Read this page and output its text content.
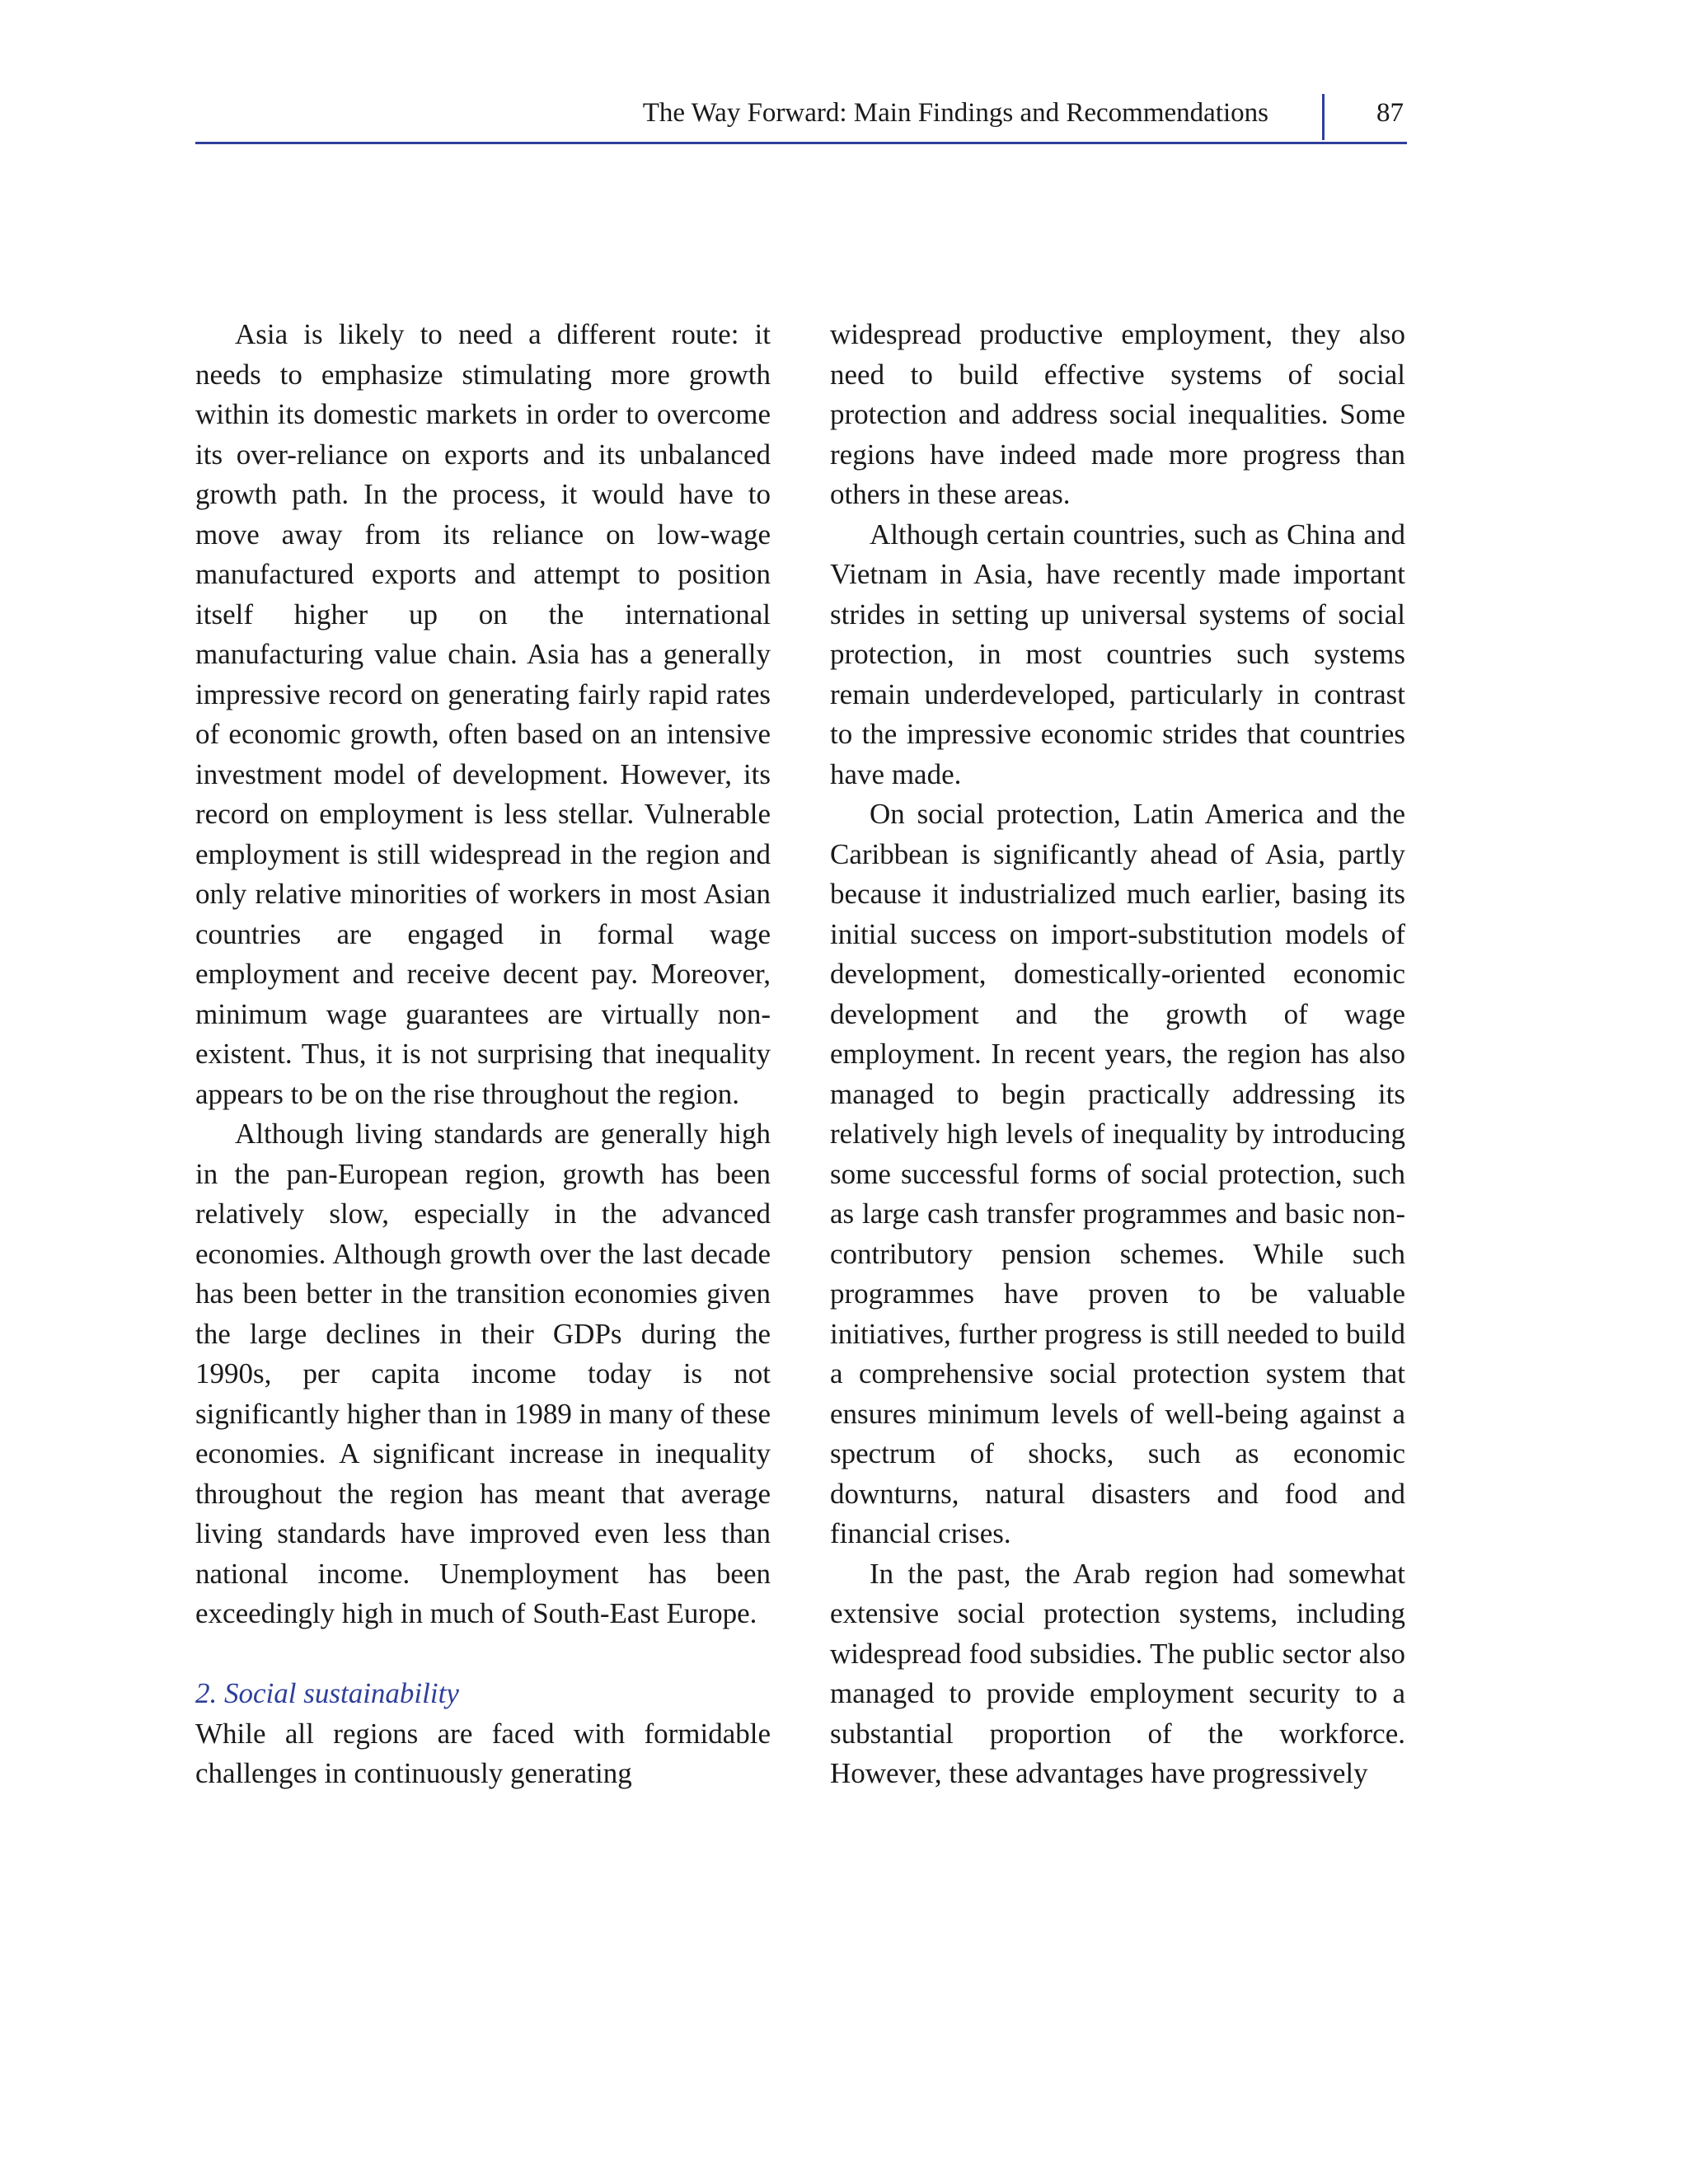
The Way Forward: Main Findings and Recommendations	87

Asia is likely to need a different route: it needs to emphasize stimulating more growth within its domestic markets in order to overcome its over-reliance on exports and its unbalanced growth path. In the process, it would have to move away from its reliance on low-wage manufactured exports and attempt to position itself higher up on the international manufacturing value chain. Asia has a generally impressive record on generating fairly rapid rates of economic growth, often based on an intensive investment model of development. However, its record on employment is less stellar. Vulnerable employment is still widespread in the region and only relative minorities of workers in most Asian countries are engaged in formal wage employment and receive decent pay. Moreover, minimum wage guarantees are virtually non-existent. Thus, it is not surprising that inequality appears to be on the rise throughout the region.

Although living standards are generally high in the pan-European region, growth has been relatively slow, especially in the advanced economies. Although growth over the last decade has been better in the transition economies given the large declines in their GDPs during the 1990s, per capita income today is not significantly higher than in 1989 in many of these economies. A significant increase in inequality throughout the region has meant that average living standards have improved even less than national income. Unemployment has been exceedingly high in much of South-East Europe.

2. Social sustainability

While all regions are faced with formidable challenges in continuously generating

widespread productive employment, they also need to build effective systems of social protection and address social inequalities. Some regions have indeed made more progress than others in these areas.

Although certain countries, such as China and Vietnam in Asia, have recently made important strides in setting up universal systems of social protection, in most countries such systems remain underdeveloped, particularly in contrast to the impressive economic strides that countries have made.

On social protection, Latin America and the Caribbean is significantly ahead of Asia, partly because it industrialized much earlier, basing its initial success on import-substitution models of development, domestically-oriented economic development and the growth of wage employment. In recent years, the region has also managed to begin practically addressing its relatively high levels of inequality by introducing some successful forms of social protection, such as large cash transfer programmes and basic non-contributory pension schemes. While such programmes have proven to be valuable initiatives, further progress is still needed to build a comprehensive social protection system that ensures minimum levels of well-being against a spectrum of shocks, such as economic downturns, natural disasters and food and financial crises.

In the past, the Arab region had somewhat extensive social protection systems, including widespread food subsidies. The public sector also managed to provide employment security to a substantial proportion of the workforce. However, these advantages have progressively
